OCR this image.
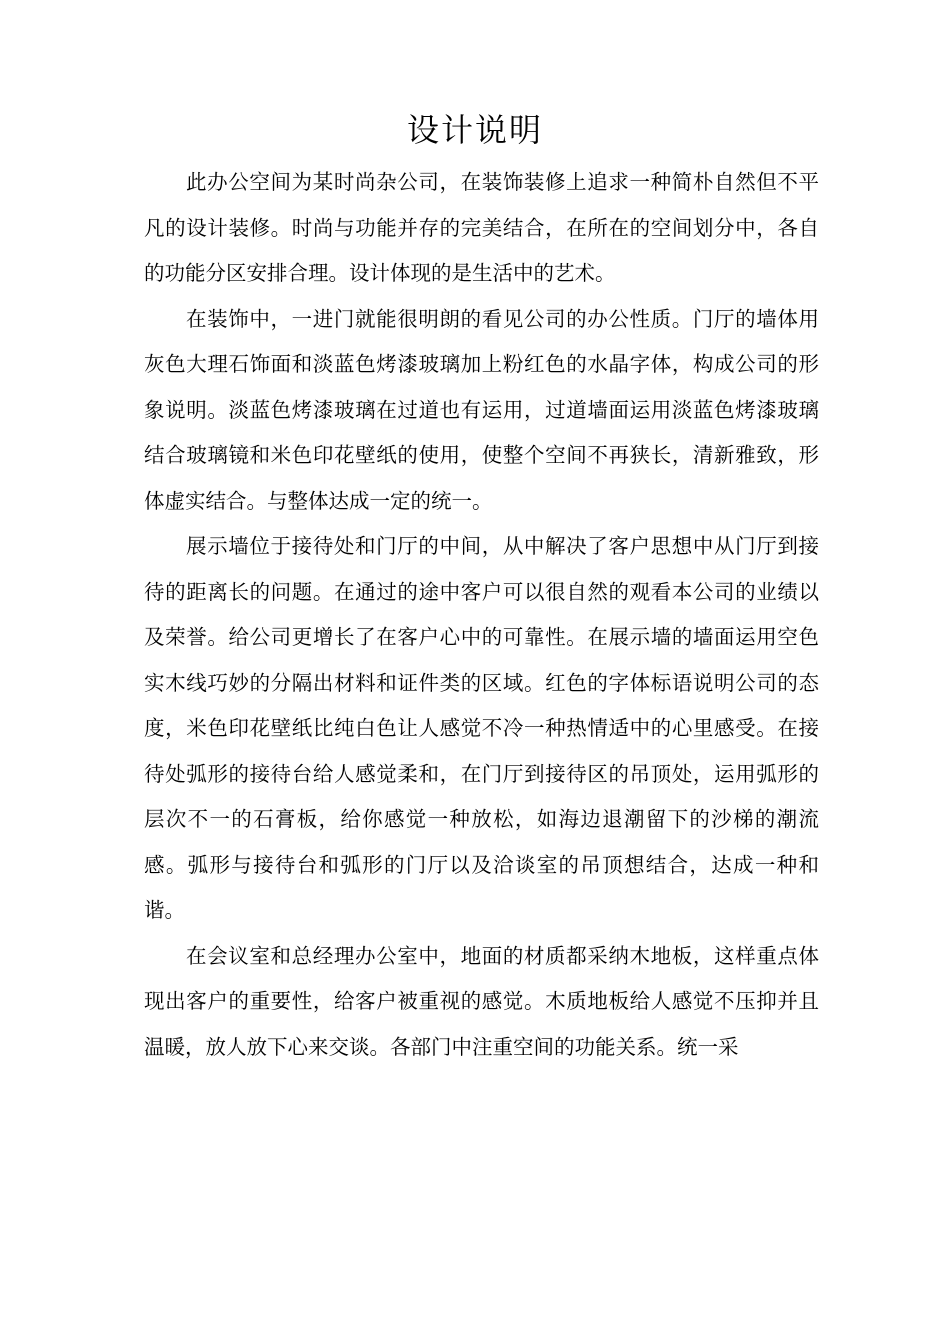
设计说明

此办公空间为某时尚杂公司，在装饰装修上追求一种简朴自然但不平凡的设计装修。时尚与功能并存的完美结合，在所在的空间划分中，各自的功能分区安排合理。设计体现的是生活中的艺术。

在装饰中，一进门就能很明朗的看见公司的办公性质。门厅的墙体用灰色大理石饰面和淡蓝色烤漆玻璃加上粉红色的水晶字体，构成公司的形象说明。淡蓝色烤漆玻璃在过道也有运用，过道墙面运用淡蓝色烤漆玻璃结合玻璃镜和米色印花壁纸的使用，使整个空间不再狭长，清新雅致，形体虚实结合。与整体达成一定的统一。

展示墙位于接待处和门厅的中间，从中解决了客户思想中从门厅到接待的距离长的问题。在通过的途中客户可以很自然的观看本公司的业绩以及荣誉。给公司更增长了在客户心中的可靠性。在展示墙的墙面运用空色实木线巧妙的分隔出材料和证件类的区域。红色的字体标语说明公司的态度，米色印花壁纸比纯白色让人感觉不冷一种热情适中的心里感受。在接待处弧形的接待台给人感觉柔和，在门厅到接待区的吊顶处，运用弧形的层次不一的石膏板，给你感觉一种放松，如海边退潮留下的沙梯的潮流感。弧形与接待台和弧形的门厅以及洽谈室的吊顶想结合，达成一种和谐。

在会议室和总经理办公室中，地面的材质都采纳木地板，这样重点体现出客户的重要性，给客户被重视的感觉。木质地板给人感觉不压抑并且温暖，放人放下心来交谈。各部门中注重空间的功能关系。统一采
